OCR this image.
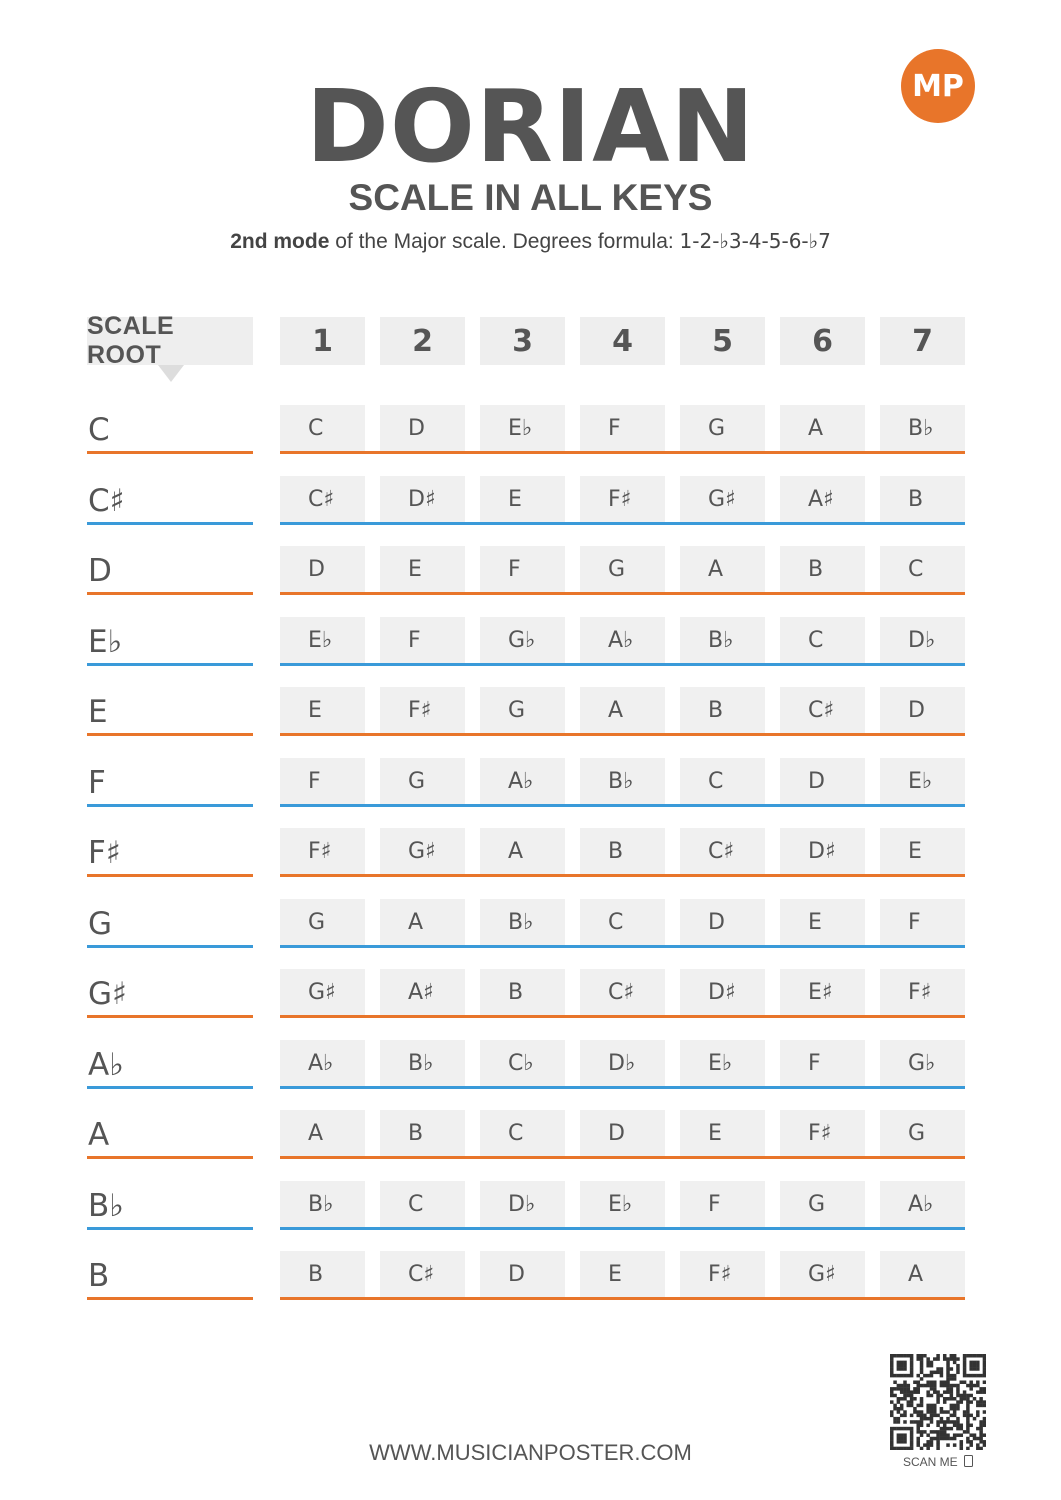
MP
DORIAN
SCALE IN ALL KEYS
2nd mode of the Major scale. Degrees formula: 1-2-♭3-4-5-6-♭7
SCALE ROOT	1	2	3	4	5	6	7
C	C	D	E♭	F	G	A	B♭
C♯	C♯	D♯	E	F♯	G♯	A♯	B
D	D	E	F	G	A	B	C
E♭	E♭	F	G♭	A♭	B♭	C	D♭
E	E	F♯	G	A	B	C♯	D
F	F	G	A♭	B♭	C	D	E♭
F♯	F♯	G♯	A	B	C♯	D♯	E
G	G	A	B♭	C	D	E	F
G♯	G♯	A♯	B	C♯	D♯	E♯	F♯
A♭	A♭	B♭	C♭	D♭	E♭	F	G♭
A	A	B	C	D	E	F♯	G
B♭	B♭	C	D♭	E♭	F	G	A♭
B	B	C♯	D	E	F♯	G♯	A
SCAN ME
WWW.MUSICIANPOSTER.COM
